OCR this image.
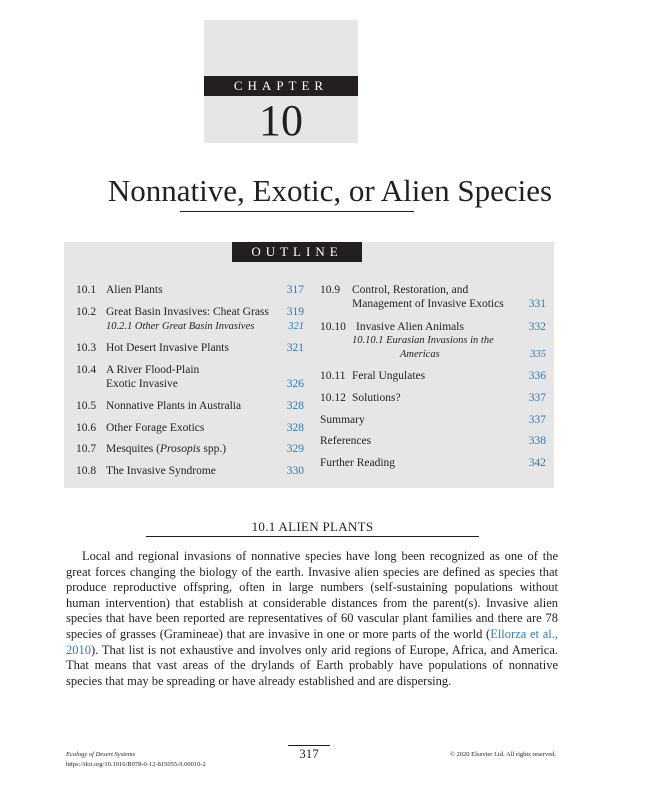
CHAPTER
10
Nonnative, Exotic, or Alien Species
OUTLINE
10.1 Alien Plants	317
10.2 Great Basin Invasives: Cheat Grass	319
10.2.1 Other Great Basin Invasives	321
10.3 Hot Desert Invasive Plants	321
10.4 A River Flood-Plain
Exotic Invasive	326
10.5 Nonnative Plants in Australia	328
10.6 Other Forage Exotics	328
10.7 Mesquites (Prosopis spp.)	329
10.8 The Invasive Syndrome	330
10.9 Control, Restoration, and
Management of Invasive Exotics	331
10.10 Invasive Alien Animals	332
10.10.1 Eurasian Invasions in the
Americas	335
10.11 Feral Ungulates	336
10.12 Solutions?	337
Summary	337
References	338
Further Reading	342
10.1 ALIEN PLANTS

Local and regional invasions of nonnative species have long been recognized as one of the great forces changing the biology of the earth. Invasive alien species are defined as species that produce reproductive offspring, often in large numbers (self-sustaining populations without human intervention) that establish at considerable distances from the parent(s). Invasive alien species that have been reported are representatives of 60 vascular plant families and there are 78 species of grasses (Gramineae) that are invasive in one or more parts of the world (Ellorza et al., 2010). That list is not exhaustive and involves only arid regions of Europe, Africa, and America. That means that vast areas of the drylands of Earth probably have populations of nonnative species that may be spreading or have already established and are dispersing.

317
Ecology of Desert Systems
https://doi.org/10.1016/B978-0-12-815055-9.00010-2
© 2020 Elsevier Ltd. All rights reserved.
